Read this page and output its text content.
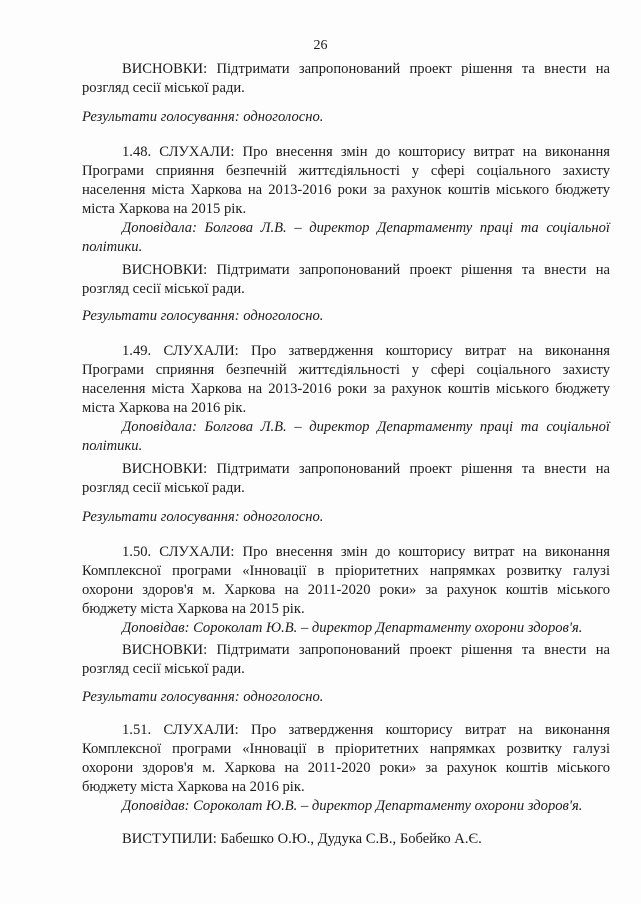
26
ВИСНОВКИ: Підтримати запропонований проект рішення та внести на
розгляд сесії міської ради.
Результати голосування: одноголосно.
1.48. СЛУХАЛИ: Про внесення змін до кошторису витрат на виконання
Програми сприяння безпечній життєдіяльності у сфері соціального захисту
населення міста Харкова на 2013-2016 роки за рахунок коштів міського бюджету
міста Харкова на 2015 рік.
Доповідала: Болгова Л.В. – директор Департаменту праці та соціальної
політики.
ВИСНОВКИ: Підтримати запропонований проект рішення та внести на
розгляд сесії міської ради.
Результати голосування: одноголосно.
1.49. СЛУХАЛИ: Про затвердження кошторису витрат на виконання
Програми сприяння безпечній життєдіяльності у сфері соціального захисту
населення міста Харкова на 2013-2016 роки за рахунок коштів міського бюджету
міста Харкова на 2016 рік.
Доповідала: Болгова Л.В. – директор Департаменту праці та соціальної
політики.
ВИСНОВКИ: Підтримати запропонований проект рішення та внести на
розгляд сесії міської ради.
Результати голосування: одноголосно.
1.50. СЛУХАЛИ: Про внесення змін до кошторису витрат на виконання
Комплексної програми «Інновації в пріоритетних напрямках розвитку галузі
охорони здоров'я м. Харкова на 2011-2020 роки» за рахунок коштів міського
бюджету міста Харкова на 2015 рік.
Доповідав: Сороколат Ю.В. – директор Департаменту охорони здоров'я.
ВИСНОВКИ: Підтримати запропонований проект рішення та внести на
розгляд сесії міської ради.
Результати голосування: одноголосно.
1.51. СЛУХАЛИ: Про затвердження кошторису витрат на виконання
Комплексної програми «Інновації в пріоритетних напрямках розвитку галузі
охорони здоров'я м. Харкова на 2011-2020 роки» за рахунок коштів міського
бюджету міста Харкова на 2016 рік.
Доповідав: Сороколат Ю.В. – директор Департаменту охорони здоров'я.
ВИСТУПИЛИ: Бабешко О.Ю., Дудука С.В., Бобейко А.Є.
